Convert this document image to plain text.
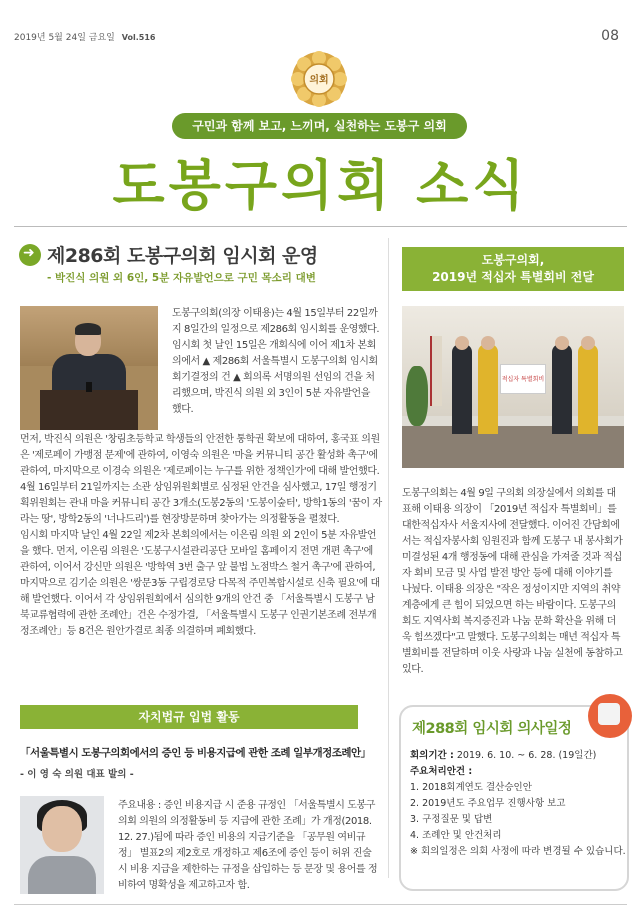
2019년 5월 24일 금요일 Vol.516	08
의회
구민과 함께 보고, 느끼며, 실천하는 도봉구 의회
도봉구의회 소식
➜
제286회 도봉구의회 임시회 운영
- 박진식 의원 외 6인, 5분 자유발언으로 구민 목소리 대변

도봉구의회(의장 이태용)는 4월 15일부터 22일까지 8일간의 일정으로 제286회 임시회를 운영했다. 임시회 첫 날인 15일은 개회식에 이어 제1차 본회의에서 ▲ 제286회 서울특별시 도봉구의회 임시회 회기결정의 건 ▲ 회의록 서명의원 선임의 건을 처리했으며, 박진식 의원 외 3인이 5분 자유발언을 했다.

먼저, 박진식 의원은 '창림초등학교 학생들의 안전한 통학권 확보에 대하여, 홍국표 의원은 '제로페이 가맹점 문제'에 관하여, 이영숙 의원은 '마을 커뮤니티 공간 활성화 촉구'에 관하여, 마지막으로 이경숙 의원은 '제로페이는 누구를 위한 정책인가'에 대해 발언했다.

4월 16일부터 21일까지는 소관 상임위원회별로 심정된 안건을 심사했고, 17일 행정기획위원회는 관내 마을 커뮤니티 공간 3개소(도봉2동의 '도봉이숲터', 방학1동의 '꿈이 자라는 땅', 방학2동의 '너나드리')를 현장방문하며 찾아가는 의정활동을 펼쳤다.

임시회 마지막 날인 4월 22일 제2차 본회의에서는 이은림 의원 외 2인이 5분 자유발언을 했다. 먼저, 이은림 의원은 '도봉구시설관리공단 모바일 홈페이지 전면 개편 촉구'에 관하여, 이어서 강신만 의원은 '방학역 3번 출구 앞 불법 노점박스 철거 촉구'에 관하여, 마지막으로 김기순 의원은 '쌍문3동 구립경로당 다목적 주민복합시설로 신축 필요'에 대해 발언했다. 이어서 각 상임위원회에서 심의한 9개의 안건 중 「서울특별시 도봉구 남북교류협력에 관한 조례안」건은 수정가결, 「서울특별시 도봉구 인권기본조례 전부개정조례안」등 8건은 원안가결로 최종 의결하며 폐회했다.

자치법규 입법 활동
「서울특별시 도봉구의회에서의 증인 등 비용지급에 관한 조례 일부개정조례안」
- 이 영 숙 의원 대표 발의 -
주요내용 : 증인 비용지급 시 준용 규정인 「서울특별시 도봉구의회 의원의 의정활동비 등 지급에 관한 조례」가 개정(2018. 12. 27.)됨에 따라 증인 비용의 지급기준을 「공무원 여비규정」 별표2의 제2호로 개정하고 제6조에 증인 등이 허위 진술 시 비용 지급을 제한하는 규정을 삽입하는 등 문장 및 용어를 정비하여 명확성을 제고하고자 함.
도봉구의회,
2019년 적십자 특별회비 전달
적십자 특별회비
도봉구의회는 4월 9일 구의회 의장실에서 의회를 대표해 이태용 의장이 「2019년 적십자 특별회비」를 대한적십자사 서울지사에 전달했다. 이어진 간담회에서는 적십자봉사회 임원진과 함께 도봉구 내 봉사회가 미결성된 4개 행정동에 대해 관심을 가져줄 것과 적십자 회비 모금 및 사업 발전 방안 등에 대해 이야기를 나눴다. 이태용 의장은 "작은 정성이지만 지역의 취약 계층에게 큰 힘이 되었으면 하는 바람이다. 도봉구의회도 지역사회 복지증진과 나눔 문화 확산을 위해 더욱 힘쓰겠다"고 말했다. 도봉구의회는 매년 적십자 특별회비를 전달하며 이웃 사랑과 나눔 실천에 동참하고 있다.
제288회 임시회 의사일정
회의기간 : 2019. 6. 10. ~ 6. 28. (19일간)
주요처리안건 :
1. 2018회계연도 결산승인안
2. 2019년도 주요업무 진행사항 보고
3. 구정질문 및 답변
4. 조례안 및 안건처리
※ 회의일정은 의회 사정에 따라 변경될 수 있습니다.
